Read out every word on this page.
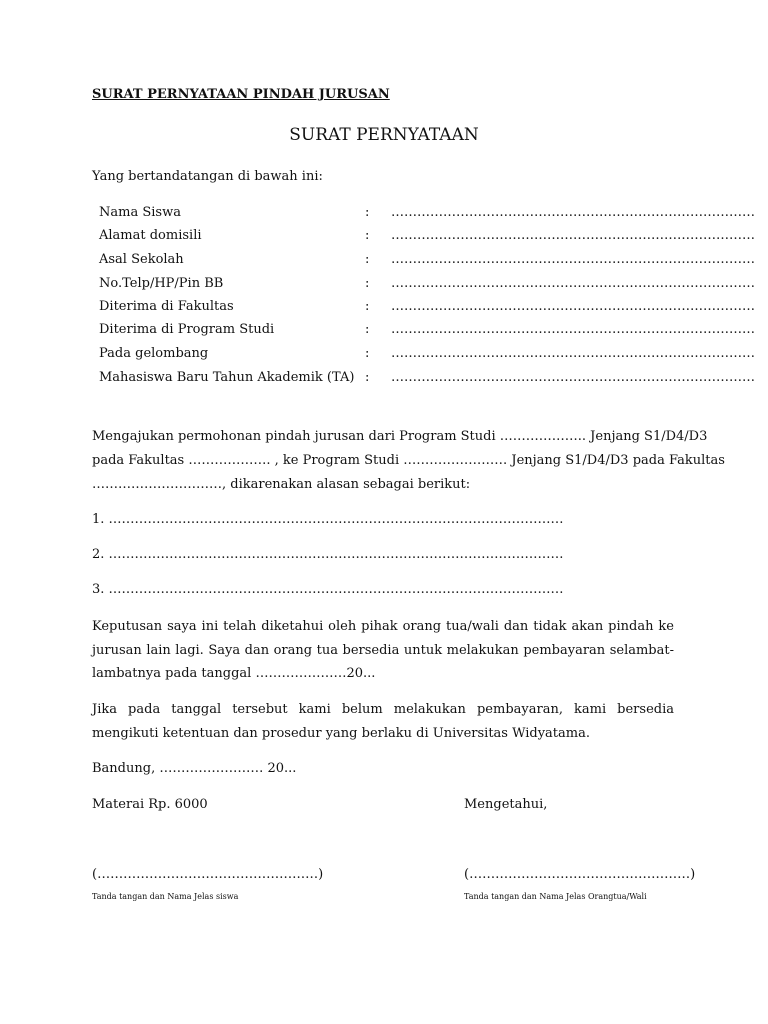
SURAT PERNYATAAN PINDAH JURUSAN
SURAT PERNYATAAN
Yang bertandatangan di bawah ini:
Nama Siswa	: …………………………………………………………………………
Alamat domisili	: …………………………………………………………………………
Asal Sekolah	: …………………………………………………………………………
No.Telp/HP/Pin BB	: …………………………………………………………………………
Diterima di Fakultas	: …………………………………………………………………………
Diterima di Program Studi	: …………………………………………………………………………
Pada gelombang	: …………………………………………………………………………
Mahasiswa Baru Tahun Akademik (TA) : …………………………………………………………………………
Mengajukan permohonan pindah jurusan dari Program Studi ……………….. Jenjang S1/D4/D3
pada Fakultas ………………. , ke Program Studi …………………… Jenjang S1/D4/D3 pada Fakultas
…………………………, dikarenakan alasan sebagai berikut:
1. ……………………………………………………………………………………………
2. ……………………………………………………………………………………………
3. ……………………………………………………………………………………………
Keputusan saya ini telah diketahui oleh pihak orang tua/wali dan tidak akan pindah ke jurusan lain lagi. Saya dan orang tua bersedia untuk melakukan pembayaran selambat-lambatnya pada tanggal …………………20...
Jika pada tanggal tersebut kami belum melakukan pembayaran, kami bersedia mengikuti ketentuan dan prosedur yang berlaku di Universitas Widyatama.
Bandung, …………………… 20...
Materai Rp. 6000	Mengetahui,
(……………………………………………)	(……………………………………………)
Tanda tangan dan Nama Jelas siswa	Tanda tangan dan Nama Jelas Orangtua/Wali
